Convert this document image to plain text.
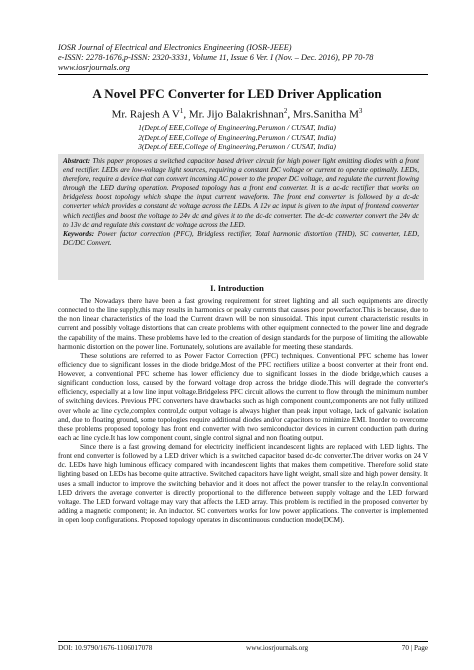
IOSR Journal of Electrical and Electronics Engineering (IOSR-JEEE)
e-ISSN: 2278-1676,p-ISSN: 2320-3331, Volume 11, Issue 6 Ver. I (Nov. – Dec. 2016), PP 70-78
www.iosrjournals.org
A Novel PFC Converter for LED Driver Application
Mr. Rajesh A $V^1$, Mr. Jijo Balakrishnan$^2$, Mrs.Sanitha $M^3$
1(Dept.of EEE,College of Engineering,Perumon / CUSAT, India)
2(Dept.of EEE,College of Engineering,Perumon / CUSAT, India)
3(Dept.of EEE,College of Engineering,Perumon / CUSAT, India)
Abstract: This paper proposes a switched capacitor based driver circuit for high power light emitting diodes with a front end rectifier. LEDs are low-voltage light sources, requiring a constant DC voltage or current to operate optimally. LEDs, therefore, require a device that can convert incoming AC power to the proper DC voltage, and regulate the current flowing through the LED during operation. Proposed topology has a front end converter. It is a ac-dc rectifier that works on bridgeless boost topology which shape the input current waveform. The front end converter is followed by a dc-dc converter which provides a constant dc voltage across the LEDs. A 12v ac input is given to the input of frontend converter which rectifies and boost the voltage to 24v dc and gives it to the dc-dc converter. The dc-dc converter convert the 24v dc to 13v dc and regulate this constant dc voltage across the LED.
Keywords: Power factor correction (PFC), Bridgless rectifier, Total harmonic distortion (THD), SC converter, LED, DC/DC Convert.
I. Introduction

The Nowadays there have been a fast growing requirement for street lighting and all such equipments are directly connected to the line supply,this may results in harmonics or peaky currents that causes poor powerfactor.This is because, due to the non linear characteristics of the load the Current drawn will be non sinusoidal. This input current characteristic results in current and possibly voltage distortions that can create problems with other equipment connected to the power line and degrade the capability of the mains. These problems have led to the creation of design standards for the purpose of limiting the allowable harmonic distortion on the power line. Fortunately, solutions are available for meeting these standards.

These solutions are referred to as Power Factor Correction (PFC) techniques. Conventional PFC scheme has lower efficiency due to significant losses in the diode bridge.Most of the PFC rectifiers utilize a boost converter at their front end. However, a conventional PFC scheme has lower efficiency due to significant losses in the diode bridge,which causes a significant conduction loss, caused by the forward voltage drop across the bridge diode.This will degrade the converter's efficiency, especially at a low line input voltage.Bridgeless PFC circuit allows the current to flow through the minimum number of switching devices. Previous PFC converters have drawbacks such as high component count,components are not fully utilized over whole ac line cycle,complex control,dc output voltage is always higher than peak input voltage, lack of galvanic isolation and, due to floating ground, some topologies require additional diodes and/or capacitors to minimize EMI. Inorder to overcome these problems proposed topology has front end converter with two semiconductor devices in current conduction path during each ac line cycle.It has low component count, single control signal and non floating output.

Since there is a fast growing demand for electricity inefficient incandescent lights are replaced with LED lights. The front end converter is followed by a LED driver which is a switched capacitor based dc-dc converter.The driver works on 24 V dc. LEDs have high luminous efficacy compared with incandescent lights that makes them competitive. Therefore solid state lighting based on LEDs has become quite attractive. Switched capacitors have light weight, small size and high power density. It uses a small inductor to improve the switching behavior and it does not affect the power transfer to the relay.In conventional LED drivers the average converter is directly proportional to the difference between supply voltage and the LED forward voltage. The LED forward voltage may vary that affects the LED array. This problem is rectified in the proposed converter by adding a magnetic component; ie. An inductor. SC converters works for low power applications. The converter is implemented in open loop configurations. Proposed topology operates in discontinuous conduction mode(DCM).

DOI: 10.9790/1676-1106017078	www.iosrjournals.org	70 | Page
